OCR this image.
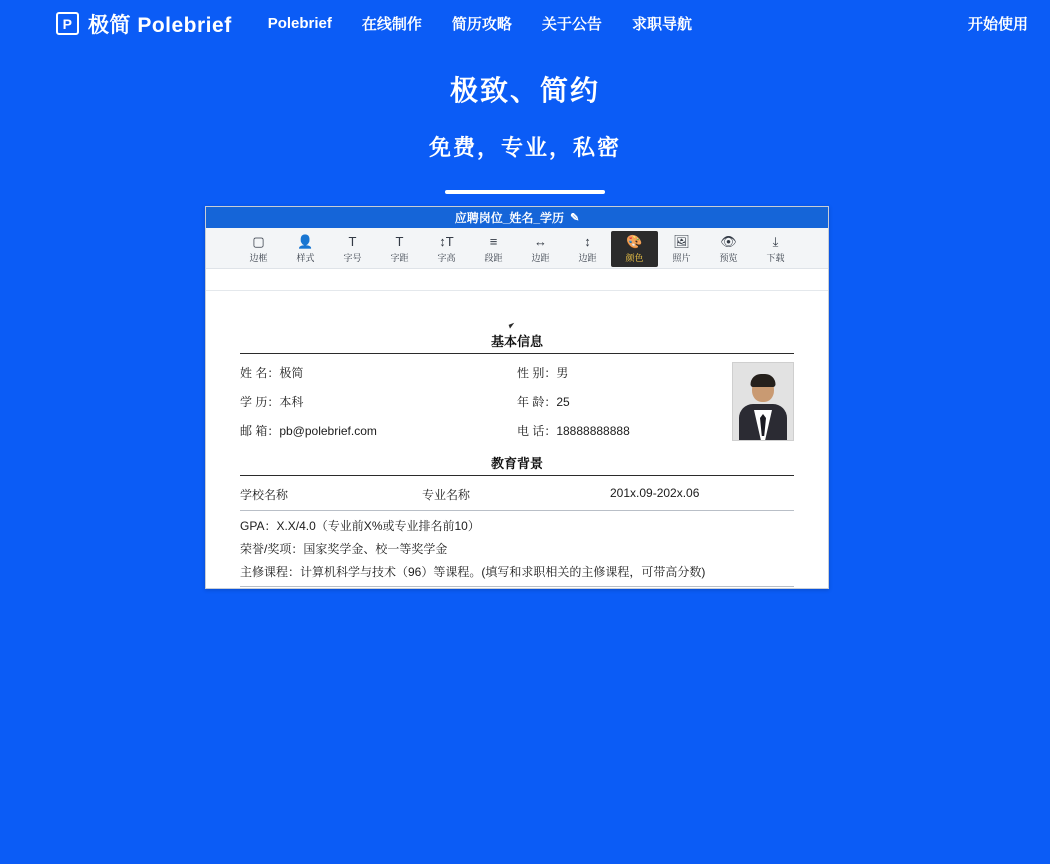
P 极简 Polebrief Polebrief 在线制作 简历攻略 关于公告 求职导航	开始使用
极致、简约
免费，专业，私密
应聘岗位_姓名_学历 ✎
▢
边框
👤
样式
T
字号
T
字距
↕T
字高
≡
段距
↔
边距
↕
边距
🎨
颜色
🖼
照片
👁
预览
⤓
下载
基本信息
姓 名：极简	性 别：男
学 历：本科	年 龄：25
邮 箱：pb@polebrief.com	电 话：18888888888
教育背景
学校名称	专业名称	201x.09-202x.06
GPA：X.X/4.0（专业前X%或专业排名前10）
荣誉/奖项：国家奖学金、校一等奖学金
主修课程：计算机科学与技术（96）等课程。(填写和求职相关的主修课程，可带高分数)
